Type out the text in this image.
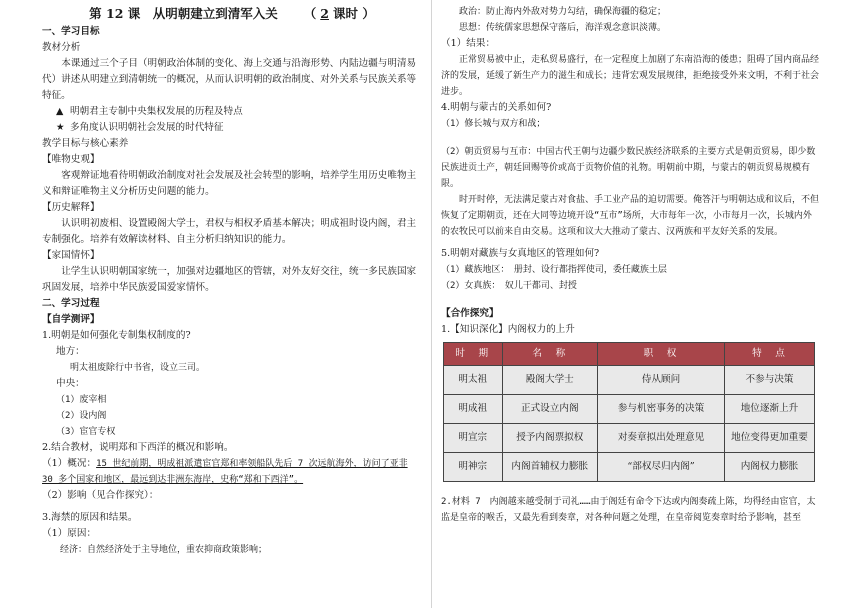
第 12 课　从明朝建立到清军入关 （ 2 课时 ）

一、学习目标

教材分析

本课通过三个子目（明朝政治体制的变化、海上交通与沿海形势、内陆边疆与明清易代）讲述从明建立到清朝统一的概况，从而认识明朝的政治制度、对外关系与民族关系等特征。

▲ 明朝君主专制中央集权发展的历程及特点

★ 多角度认识明朝社会发展的时代特征

教学目标与核心素养

【唯物史观】

客观辩证地看待明朝政治制度对社会发展及社会转型的影响，培养学生用历史唯物主义和辩证唯物主义分析历史问题的能力。

【历史解释】

认识明初废相、设置殿阁大学士，君权与相权矛盾基本解决；明成祖时设内阁，君主专制强化。培养有效解读材料、自主分析归纳知识的能力。

【家国情怀】

让学生认识明朝国家统一，加强对边疆地区的管辖，对外友好交往，统一多民族国家巩固发展，培养中华民族爱国爱家情怀。

二、学习过程

【自学测评】

1.明朝是如何强化专制集权制度的?

地方：

明太祖废除行中书省，设立三司。

中央：

（1）废宰相

（2）设内阁

（3）宦官专权

2.结合教材，说明郑和下西洋的概况和影响。

（1）概况：15 世纪前期，明成祖派遣宦官郑和率领船队先后 7 次远航海外，访问了亚非 30 多个国家和地区，最远到达非洲东海岸，史称“郑和下西洋”。

（2）影响（见合作探究）：

3.海禁的原因和结果。

（1）原因：

经济：自然经济处于主导地位，重农抑商政策影响；

政治：防止海内外敌对势力勾结，确保海疆的稳定；

思想：传统儒家思想保守落后，海洋观念意识淡薄。

（1）结果：

正常贸易被中止，走私贸易盛行，在一定程度上加剧了东南沿海的倭患；阻碍了国内商品经济的发展，延缓了新生产力的滋生和成长；违背宏观发展规律，拒绝接受外来文明，不利于社会进步。

4.明朝与蒙古的关系如何?

（1）修长城与双方和战；

（2）朝贡贸易与互市：中国古代王朝与边疆少数民族经济联系的主要方式是朝贡贸易，即少数民族进贡土产，朝廷回赐等价或高于贡物价值的礼物。明朝前中期，与蒙古的朝贡贸易规模有限。

时开时停，无法满足蒙古对食盐、手工业产品的迫切需要。俺答汗与明朝达成和议后，不但恢复了定期朝贡，还在大同等边境开设“互市”场所，大市每年一次，小市每月一次，长城内外的农牧民可以前来自由交易。这项和议大大推动了蒙古、汉两族和平友好关系的发展。

5.明朝对藏族与女真地区的管理如何?

（1）藏族地区：　册封、设行都指挥使司，委任藏族土层

（2）女真族：　奴儿干都司、封授

【合作探究】

1.【知识深化】内阁权力的上升

时　期	名　称	职　权	特　点
明太祖	殿阁大学士	侍从顾问	不参与决策
明成祖	正式设立内阁	参与机密事务的决策	地位逐渐上升
明宣宗	授予内阁票拟权	对奏章拟出处理意见	地位变得更加重要
明神宗	内阁首辅权力膨胀	“部权尽归内阁”	内阁权力膨胀

2.材料 7　内阁越来越受制于司礼……由于阁廷有命令下达或内阁奏疏上陈，均得经由宦官，太监是皇帝的喉舌，又最先看到奏章，对各种问题之处理，在皇帝阅览奏章时给予影响，甚至
